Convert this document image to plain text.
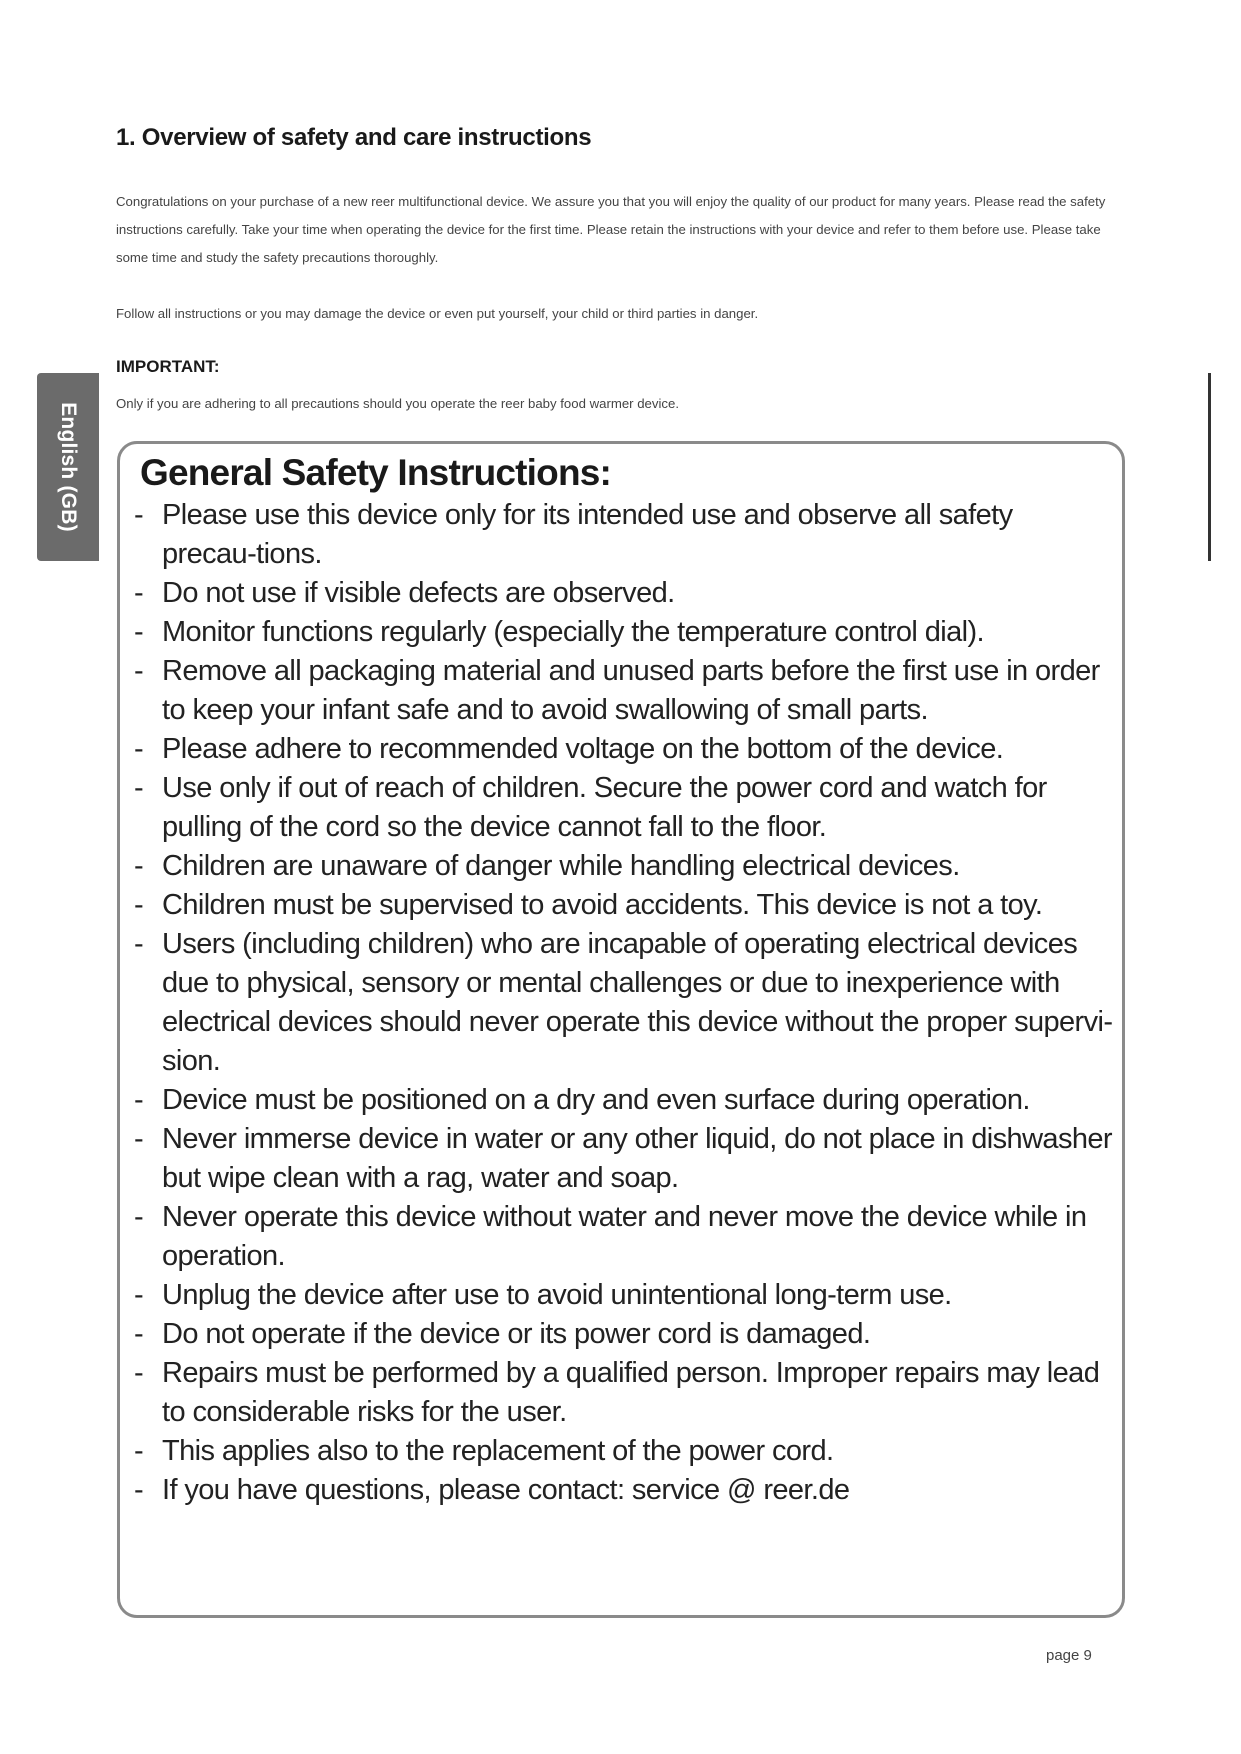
English (GB)
1. Overview of safety and care instructions

Congratulations on your purchase of a new reer multifunctional device. We assure you that you will enjoy the quality of our product for many years. Please read the safety instructions carefully. Take your time when operating the device for the first time. Please retain the instructions with your device and refer to them before use. Please take some time and study the safety precautions thoroughly.

Follow all instructions or you may damage the device or even put yourself, your child or third parties in danger.

IMPORTANT:

Only if you are adhering to all precautions should you operate the reer baby food warmer device.

General Safety Instructions:
- Please use this device only for its intended use and observe all safety precau-tions.
- Do not use if visible defects are observed.
- Monitor functions regularly (especially the temperature control dial).
- Remove all packaging material and unused parts before the first use in order to keep your infant safe and to avoid swallowing of small parts.
- Please adhere to recommended voltage on the bottom of the device.
- Use only if out of reach of children. Secure the power cord and watch for pulling of the cord so the device cannot fall to the floor.
- Children are unaware of danger while handling electrical devices.
- Children must be supervised to avoid accidents. This device is not a toy.
- Users (including children) who are incapable of operating electrical devices due to physical, sensory or mental challenges or due to inexperience with electrical devices should never operate this device without the proper supervi-sion.
- Device must be positioned on a dry and even surface during operation.
- Never immerse device in water or any other liquid, do not place in dishwasher but wipe clean with a rag, water and soap.
- Never operate this device without water and never move the device while in operation.
- Unplug the device after use to avoid unintentional long-term use.
- Do not operate if the device or its power cord is damaged.
- Repairs must be performed by a qualified person. Improper repairs may lead to considerable risks for the user.
- This applies also to the replacement of the power cord.
- If you have questions, please contact: service @ reer.de

page 9
